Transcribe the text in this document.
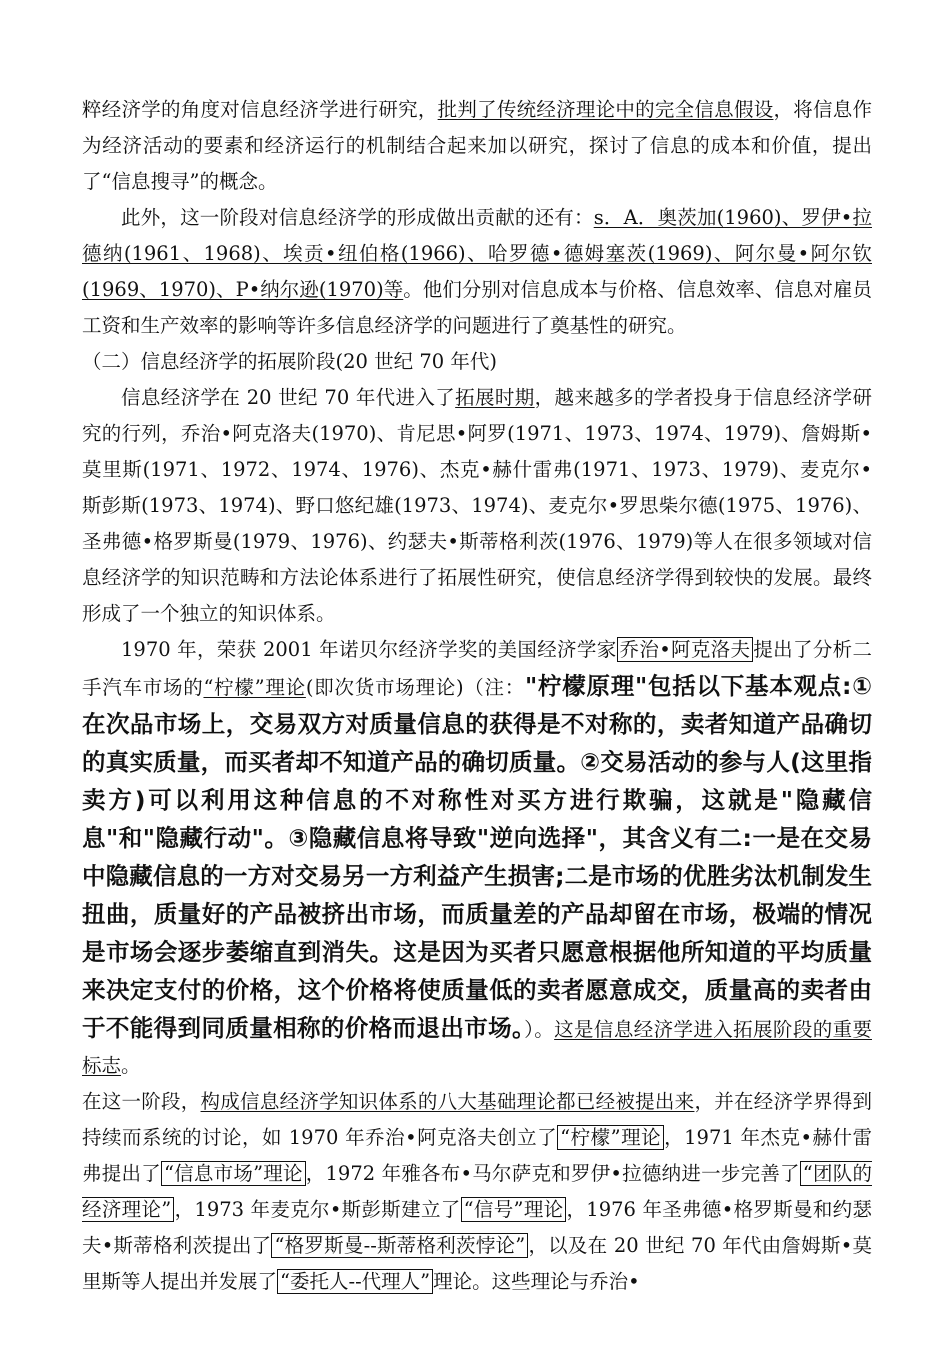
粹经济学的角度对信息经济学进行研究，批判了传统经济理论中的完全信息假设，将信息作为经济活动的要素和经济运行的机制结合起来加以研究，探讨了信息的成本和价值，提出了“信息搜寻”的概念。

此外，这一阶段对信息经济学的形成做出贡献的还有：s．A．奥茨加(1960)、罗伊•拉德纳(1961、1968)、埃贡•纽伯格(1966)、哈罗德•德姆塞茨(1969)、阿尔曼•阿尔钦(1969、1970)、P•纳尔逊(1970)等。他们分别对信息成本与价格、信息效率、信息对雇员工资和生产效率的影响等许多信息经济学的问题进行了奠基性的研究。

（二）信息经济学的拓展阶段(20 世纪 70 年代)

信息经济学在 20 世纪 70 年代进入了拓展时期，越来越多的学者投身于信息经济学研究的行列，乔治•阿克洛夫(1970)、肯尼思•阿罗(1971、1973、1974、1979)、詹姆斯•莫里斯(1971、1972、1974、1976)、杰克•赫什雷弗(1971、1973、1979)、麦克尔•斯彭斯(1973、1974)、野口悠纪雄(1973、1974)、麦克尔•罗思柴尔德(1975、1976)、圣弗德•格罗斯曼(1979、1976)、约瑟夫•斯蒂格利茨(1976、1979)等人在很多领域对信息经济学的知识范畴和方法论体系进行了拓展性研究，使信息经济学得到较快的发展。最终形成了一个独立的知识体系。

1970 年，荣获 2001 年诺贝尔经济学奖的美国经济学家 乔治•阿克洛夫 提出了分析二手汽车市场的“柠檬”理论(即次货市场理论)（注："柠檬原理"包括以下基本观点:① 在次品市场上，交易双方对质量信息的获得是不对称的，卖者知道产品确切的真实质量，而买者却不知道产品的确切质量。②交易活动的参与人(这里指卖方)可以利用这种信息的不对称性对买方进行欺骗，这就是"隐藏信息"和"隐藏行动"。③隐藏信息将导致"逆向选择"，其含义有二:一是在交易中隐藏信息的一方对交易另一方利益产生损害;二是市场的优胜劣汰机制发生扭曲，质量好的产品被挤出市场，而质量差的产品却留在市场，极端的情况是市场会逐步萎缩直到消失。这是因为买者只愿意根据他所知道的平均质量来决定支付的价格，这个价格将使质量低的卖者愿意成交，质量高的卖者由于不能得到同质量相称的价格而退出市场。）。这是信息经济学进入拓展阶段的重要标志。

在这一阶段，构成信息经济学知识体系的八大基础理论都已经被提出来，并在经济学界得到持续而系统的讨论，如 1970 年乔治•阿克洛夫创立了 “柠檬”理论 ，1971 年杰克•赫什雷弗提出了 “信息市场”理论 ，1972 年雅各布•马尔萨克和罗伊•拉德纳进一步完善了 “团队的经济理论” ，1973 年麦克尔•斯彭斯建立了 “信号”理论 ，1976 年圣弗德•格罗斯曼和约瑟夫•斯蒂格利茨提出了 “格罗斯曼--斯蒂格利茨悖论” ，以及在 20 世纪 70 年代由詹姆斯•莫里斯等人提出并发展了 “委托人--代理人” 理论。这些理论与乔治•
